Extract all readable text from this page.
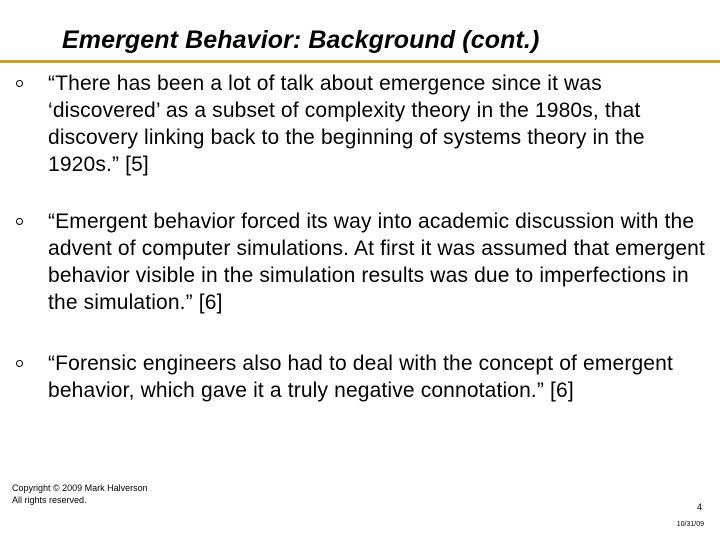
Emergent Behavior: Background (cont.)
“There has been a lot of talk about emergence since it was ‘discovered’ as a subset of complexity theory in the 1980s, that discovery linking back to the beginning of systems theory in the 1920s.” [5]
“Emergent behavior forced its way into academic discussion with the advent of computer simulations. At first it was assumed that emergent behavior visible in the simulation results was due to imperfections in the simulation.” [6]
“Forensic engineers also had to deal with the concept of emergent behavior, which gave it a truly negative connotation.” [6]
Copyright © 2009 Mark Halverson
All rights reserved.
4
10/31/09
